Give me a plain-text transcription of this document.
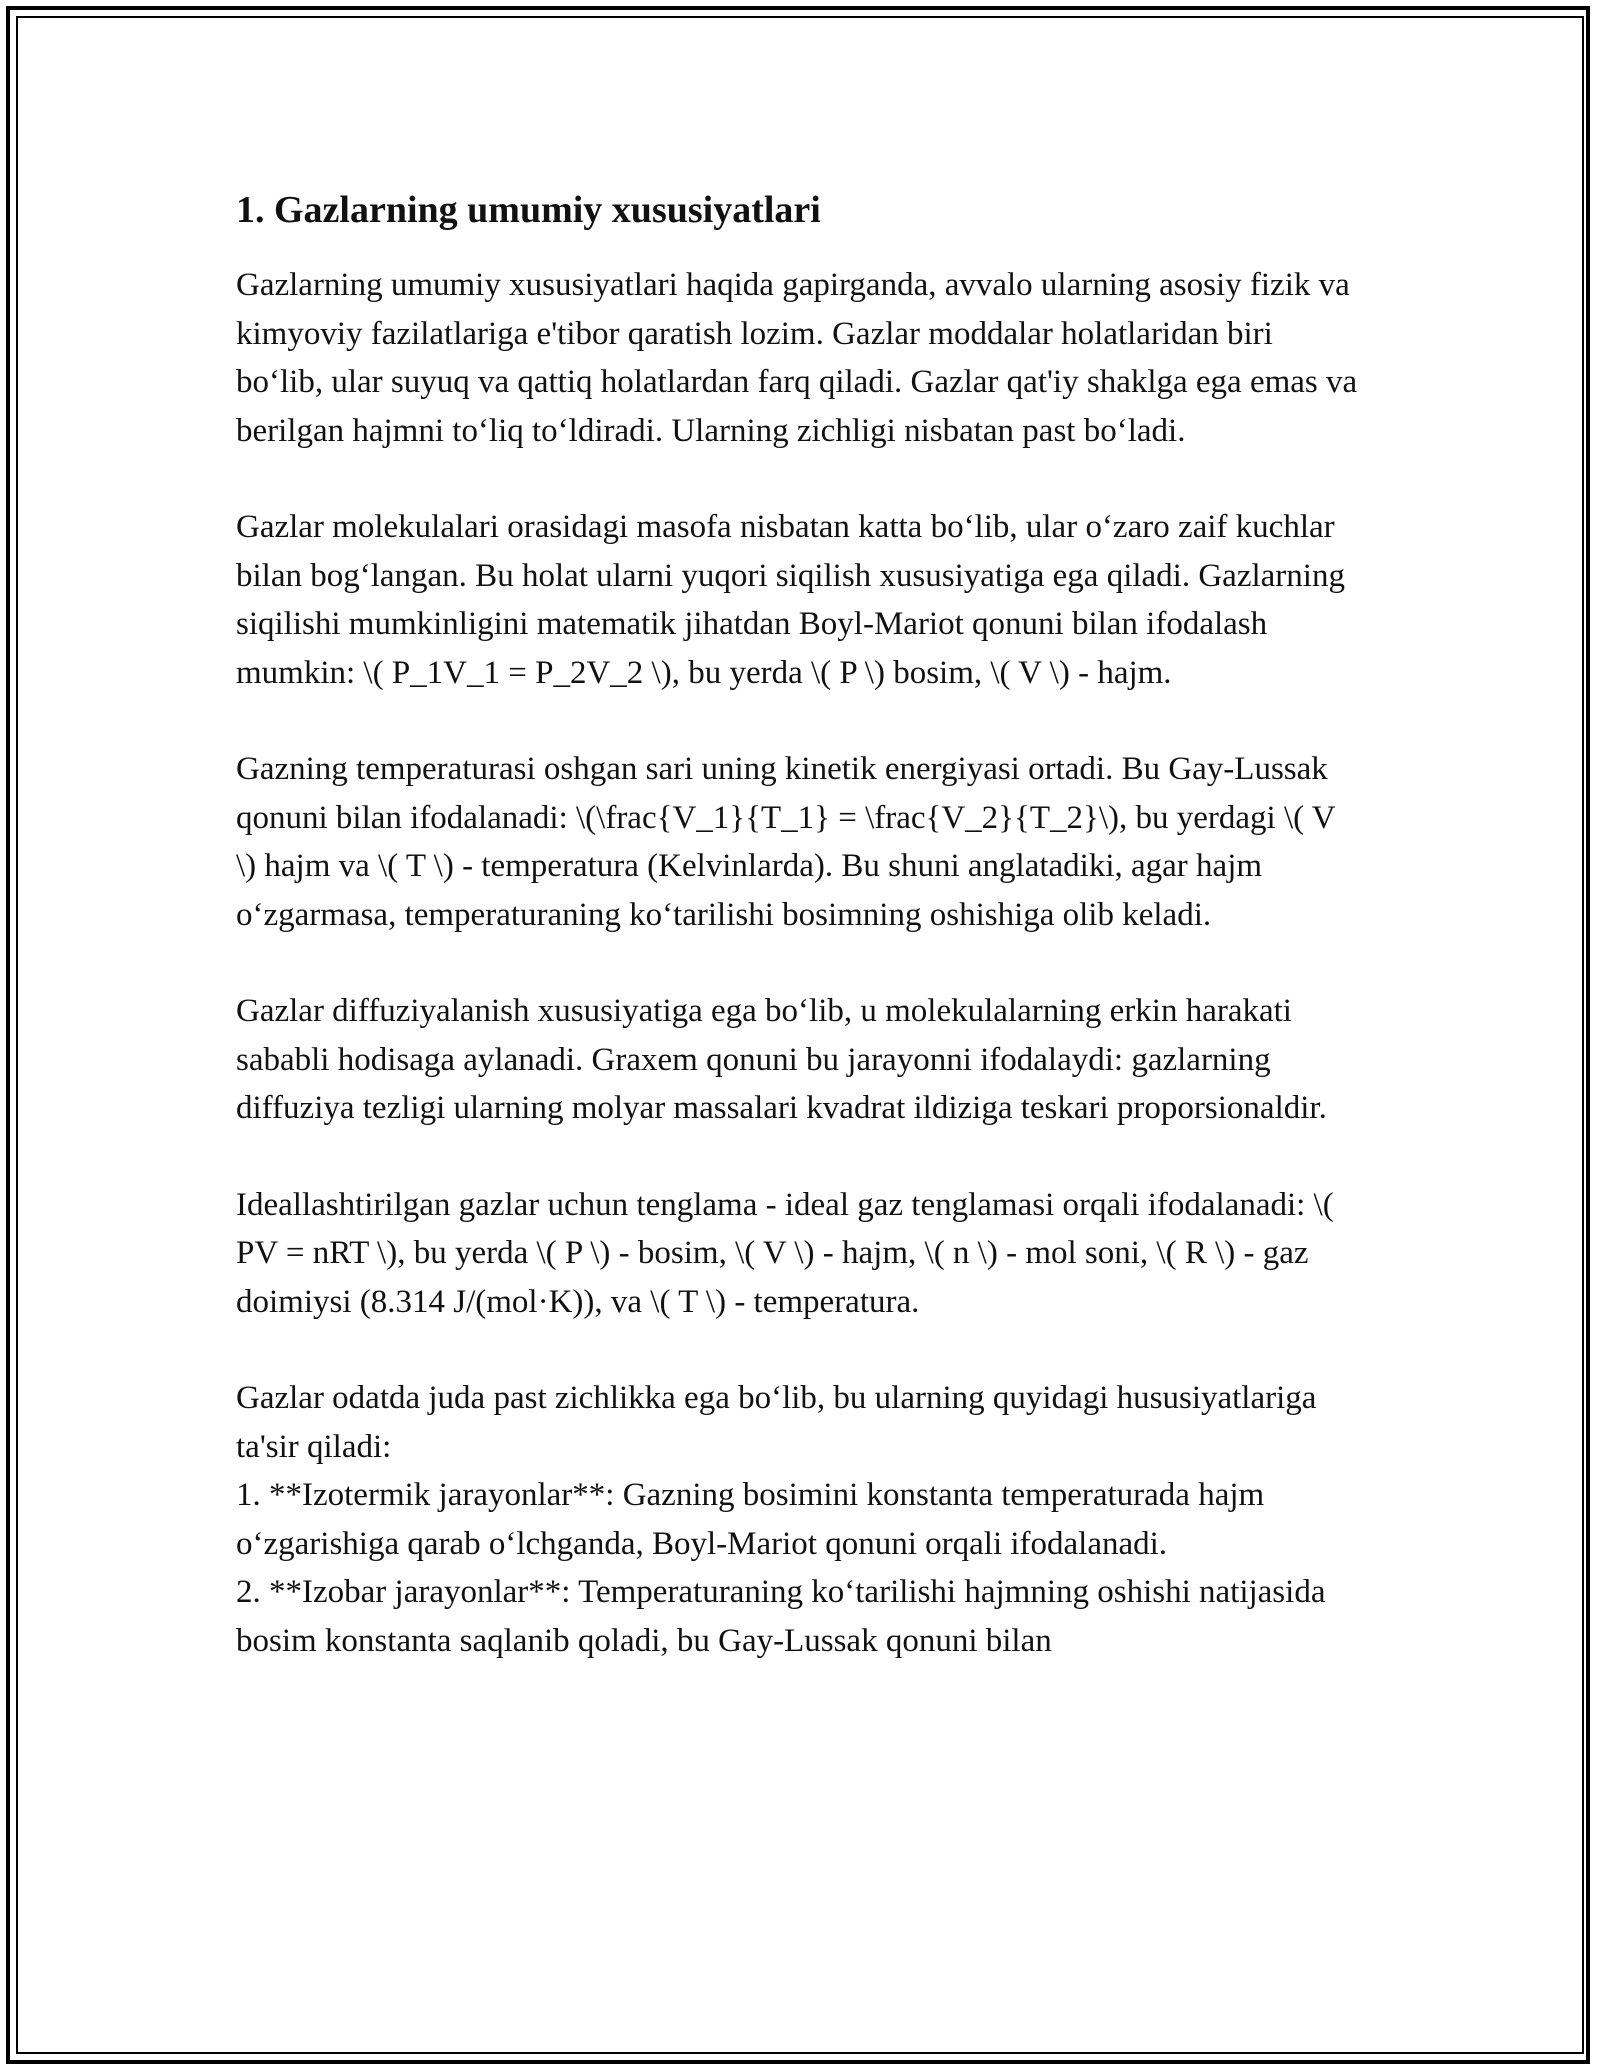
1. Gazlarning umumiy xususiyatlari

Gazlarning umumiy xususiyatlari haqida gapirganda, avvalo ularning asosiy fizik va kimyoviy fazilatlariga e'tibor qaratish lozim. Gazlar moddalar holatlaridan biri bo‘lib, ular suyuq va qattiq holatlardan farq qiladi. Gazlar qat'iy shaklga ega emas va berilgan hajmni to‘liq to‘ldiradi. Ularning zichligi nisbatan past bo‘ladi.

Gazlar molekulalari orasidagi masofa nisbatan katta bo‘lib, ular o‘zaro zaif kuchlar bilan bog‘langan. Bu holat ularni yuqori siqilish xususiyatiga ega qiladi. Gazlarning siqilishi mumkinligini matematik jihatdan Boyl-Mariot qonuni bilan ifodalash mumkin: \( P_1V_1 = P_2V_2 \), bu yerda \( P \) bosim, \( V \) - hajm.

Gazning temperaturasi oshgan sari uning kinetik energiyasi ortadi. Bu Gay-Lussak qonuni bilan ifodalanadi: \(\frac{V_1}{T_1} = \frac{V_2}{T_2}\), bu yerdagi \( V \) hajm va \( T \) - temperatura (Kelvinlarda). Bu shuni anglatadiki, agar hajm o‘zgarmasa, temperaturaning ko‘tarilishi bosimning oshishiga olib keladi.

Gazlar diffuziyalanish xususiyatiga ega bo‘lib, u molekulalarning erkin harakati sababli hodisaga aylanadi. Graxem qonuni bu jarayonni ifodalaydi: gazlarning diffuziya tezligi ularning molyar massalari kvadrat ildiziga teskari proporsionaldir.

Ideallashtirilgan gazlar uchun tenglama - ideal gaz tenglamasi orqali ifodalanadi: \( PV = nRT \), bu yerda \( P \) - bosim, \( V \) - hajm, \( n \) - mol soni, \( R \) - gaz doimiysi (8.314 J/(mol·K)), va \( T \) - temperatura.

Gazlar odatda juda past zichlikka ega bo‘lib, bu ularning quyidagi hususiyatlariga ta'sir qiladi:
1. **Izotermik jarayonlar**: Gazning bosimini konstanta temperaturada hajm o‘zgarishiga qarab o‘lchganda, Boyl-Mariot qonuni orqali ifodalanadi.
2. **Izobar jarayonlar**: Temperaturaning ko‘tarilishi hajmning oshishi natijasida bosim konstanta saqlanib qoladi, bu Gay-Lussak qonuni bilan
